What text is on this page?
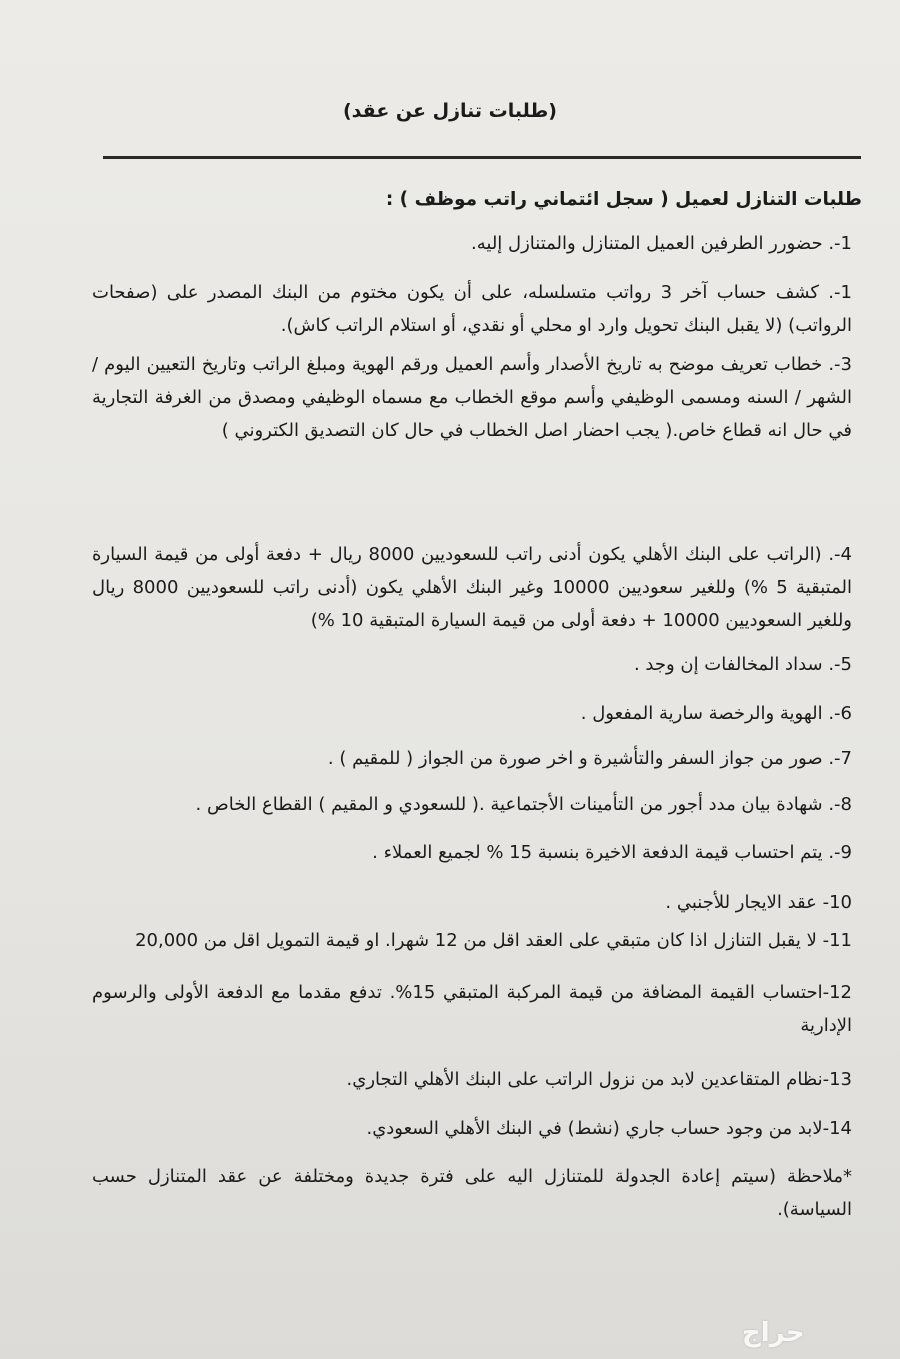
(طلبات تنازل عن عقد)
طلبات التنازل لعميل ( سجل ائتماني راتب موظف ) :

1-. حضورر الطرفين العميل المتنازل والمتنازل إليه.

1-. كشف حساب آخر 3 رواتب متسلسله، على أن يكون مختوم من البنك المصدر على (صفحات الرواتب) (لا يقبل البنك تحويل وارد او محلي أو نقدي، أو استلام الراتب كاش).

3-. خطاب تعريف موضح به تاريخ الأصدار وأسم العميل ورقم الهوية ومبلغ الراتب وتاريخ التعيين اليوم / الشهر / السنه ومسمى الوظيفي وأسم موقع الخطاب مع مسماه الوظيفي ومصدق من الغرفة التجارية في حال انه قطاع خاص.( يجب احضار اصل الخطاب في حال كان التصديق الكتروني )

4-. (الراتب على البنك الأهلي يكون أدنى راتب للسعوديين 8000 ريال + دفعة أولى من قيمة السيارة المتبقية 5 %) وللغير سعوديين 10000 وغير البنك الأهلي يكون (أدنى راتب للسعوديين 8000 ريال وللغير السعوديين 10000 + دفعة أولى من قيمة السيارة المتبقية 10 %)

5-. سداد المخالفات إن وجد .

6-. الهوية والرخصة سارية المفعول .

7-. صور من جواز السفر والتأشيرة و اخر صورة من الجواز ( للمقيم ) .

8-. شهادة بيان مدد أجور من التأمينات الأجتماعية .( للسعودي و المقيم ) القطاع الخاص .

9-. يتم احتساب قيمة الدفعة الاخيرة بنسبة 15 % لجميع العملاء .

10- عقد الايجار للأجنبي .

11- لا يقبل التنازل اذا كان متبقي على العقد اقل من 12 شهرا. او قيمة التمويل اقل من 20,000

12-احتساب القيمة المضافة من قيمة المركبة المتبقي 15%. تدفع مقدما مع الدفعة الأولى والرسوم الإدارية

13-نظام المتقاعدين لابد من نزول الراتب على البنك الأهلي التجاري.

14-لابد من وجود حساب جاري (نشط) في البنك الأهلي السعودي.

*ملاحظة (سيتم إعادة الجدولة للمتنازل اليه على فترة جديدة ومختلفة عن عقد المتنازل حسب السياسة).

حراج
